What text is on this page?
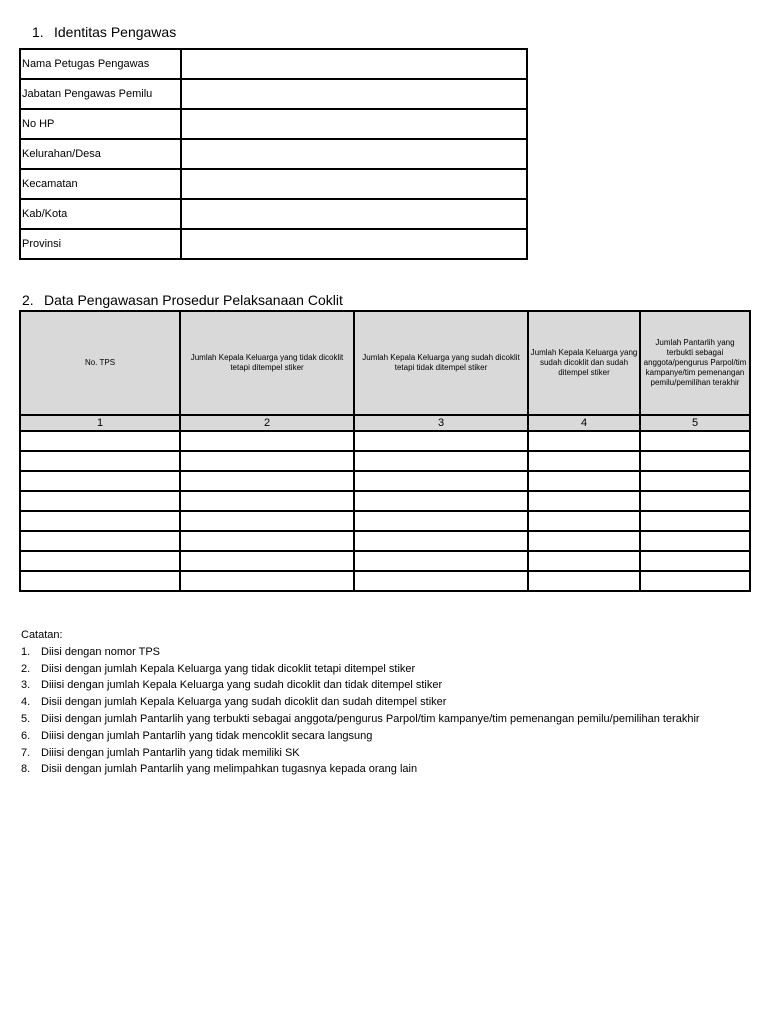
1. Identitas Pengawas
Nama Petugas Pengawas	
Jabatan Pengawas Pemilu	
No HP	
Kelurahan/Desa	
Kecamatan	
Kab/Kota	
Provinsi	
2. Data Pengawasan Prosedur Pelaksanaan Coklit
No. TPS	Jumlah Kepala Keluarga yang tidak dicoklit tetapi ditempel stiker	Jumlah Kepala Keluarga yang sudah dicoklit tetapi tidak ditempel stiker	Jumlah Kepala Keluarga yang sudah dicoklit dan sudah ditempel stiker	Jumlah Pantarlih yang terbukti sebagai anggota/pengurus Parpol/tim kampanye/tim pemenangan pemilu/pemilihan terakhir
1	2	3	4	5

Catatan:
1. Diisi dengan nomor TPS
2. Diisi dengan jumlah Kepala Keluarga yang tidak dicoklit tetapi ditempel stiker
3. Diiisi dengan jumlah Kepala Keluarga yang sudah dicoklit dan tidak ditempel stiker
4. Disii dengan jumlah Kepala Keluarga yang sudah dicoklit dan sudah ditempel stiker
5. Diisi dengan jumlah Pantarlih yang terbukti sebagai anggota/pengurus Parpol/tim kampanye/tim pemenangan pemilu/pemilihan terakhir
6. Diiisi dengan jumlah Pantarlih yang tidak mencoklit secara langsung
7. Diiisi dengan jumlah Pantarlih yang tidak memiliki SK
8. Disii dengan jumlah Pantarlih yang melimpahkan tugasnya kepada orang lain
